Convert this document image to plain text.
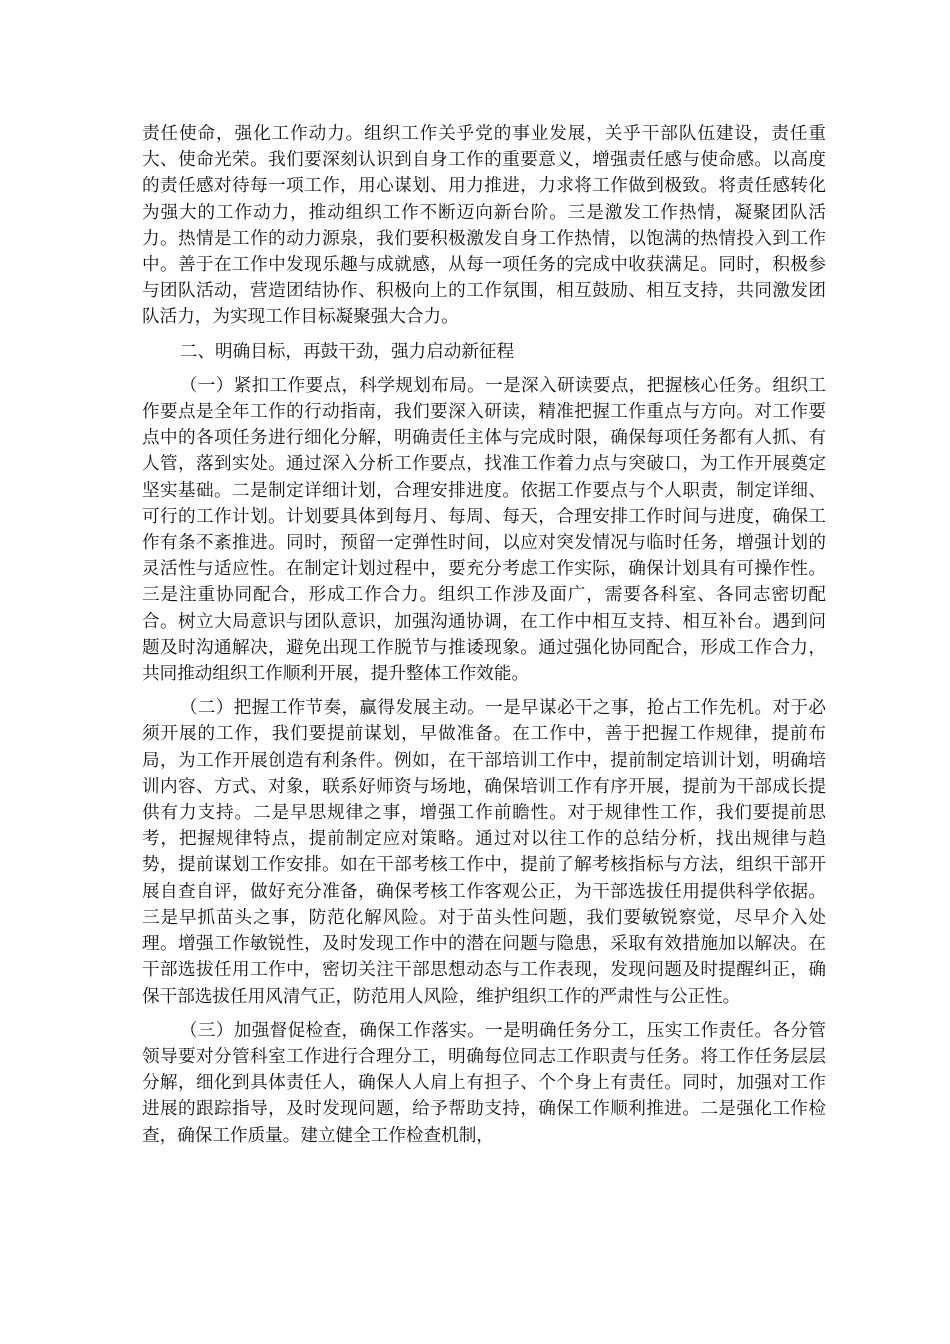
责任使命，强化工作动力。组织工作关乎党的事业发展，关乎干部队伍建设，责任重大、使命光荣。我们要深刻认识到自身工作的重要意义，增强责任感与使命感。以高度的责任感对待每一项工作，用心谋划、用力推进，力求将工作做到极致。将责任感转化为强大的工作动力，推动组织工作不断迈向新台阶。三是激发工作热情，凝聚团队活力。热情是工作的动力源泉，我们要积极激发自身工作热情，以饱满的热情投入到工作中。善于在工作中发现乐趣与成就感，从每一项任务的完成中收获满足。同时，积极参与团队活动，营造团结协作、积极向上的工作氛围，相互鼓励、相互支持，共同激发团队活力，为实现工作目标凝聚强大合力。

二、明确目标，再鼓干劲，强力启动新征程

（一）紧扣工作要点，科学规划布局。一是深入研读要点，把握核心任务。组织工作要点是全年工作的行动指南，我们要深入研读，精准把握工作重点与方向。对工作要点中的各项任务进行细化分解，明确责任主体与完成时限，确保每项任务都有人抓、有人管，落到实处。通过深入分析工作要点，找准工作着力点与突破口，为工作开展奠定坚实基础。二是制定详细计划，合理安排进度。依据工作要点与个人职责，制定详细、可行的工作计划。计划要具体到每月、每周、每天，合理安排工作时间与进度，确保工作有条不紊推进。同时，预留一定弹性时间，以应对突发情况与临时任务，增强计划的灵活性与适应性。在制定计划过程中，要充分考虑工作实际，确保计划具有可操作性。三是注重协同配合，形成工作合力。组织工作涉及面广，需要各科室、各同志密切配合。树立大局意识与团队意识，加强沟通协调，在工作中相互支持、相互补台。遇到问题及时沟通解决，避免出现工作脱节与推诿现象。通过强化协同配合，形成工作合力，共同推动组织工作顺利开展，提升整体工作效能。

（二）把握工作节奏，赢得发展主动。一是早谋必干之事，抢占工作先机。对于必须开展的工作，我们要提前谋划，早做准备。在工作中，善于把握工作规律，提前布局，为工作开展创造有利条件。例如，在干部培训工作中，提前制定培训计划，明确培训内容、方式、对象，联系好师资与场地，确保培训工作有序开展，提前为干部成长提供有力支持。二是早思规律之事，增强工作前瞻性。对于规律性工作，我们要提前思考，把握规律特点，提前制定应对策略。通过对以往工作的总结分析，找出规律与趋势，提前谋划工作安排。如在干部考核工作中，提前了解考核指标与方法，组织干部开展自查自评，做好充分准备，确保考核工作客观公正，为干部选拔任用提供科学依据。三是早抓苗头之事，防范化解风险。对于苗头性问题，我们要敏锐察觉，尽早介入处理。增强工作敏锐性，及时发现工作中的潜在问题与隐患，采取有效措施加以解决。在干部选拔任用工作中，密切关注干部思想动态与工作表现，发现问题及时提醒纠正，确保干部选拔任用风清气正，防范用人风险，维护组织工作的严肃性与公正性。

（三）加强督促检查，确保工作落实。一是明确任务分工，压实工作责任。各分管领导要对分管科室工作进行合理分工，明确每位同志工作职责与任务。将工作任务层层分解，细化到具体责任人，确保人人肩上有担子、个个身上有责任。同时，加强对工作进展的跟踪指导，及时发现问题，给予帮助支持，确保工作顺利推进。二是强化工作检查，确保工作质量。建立健全工作检查机制，
